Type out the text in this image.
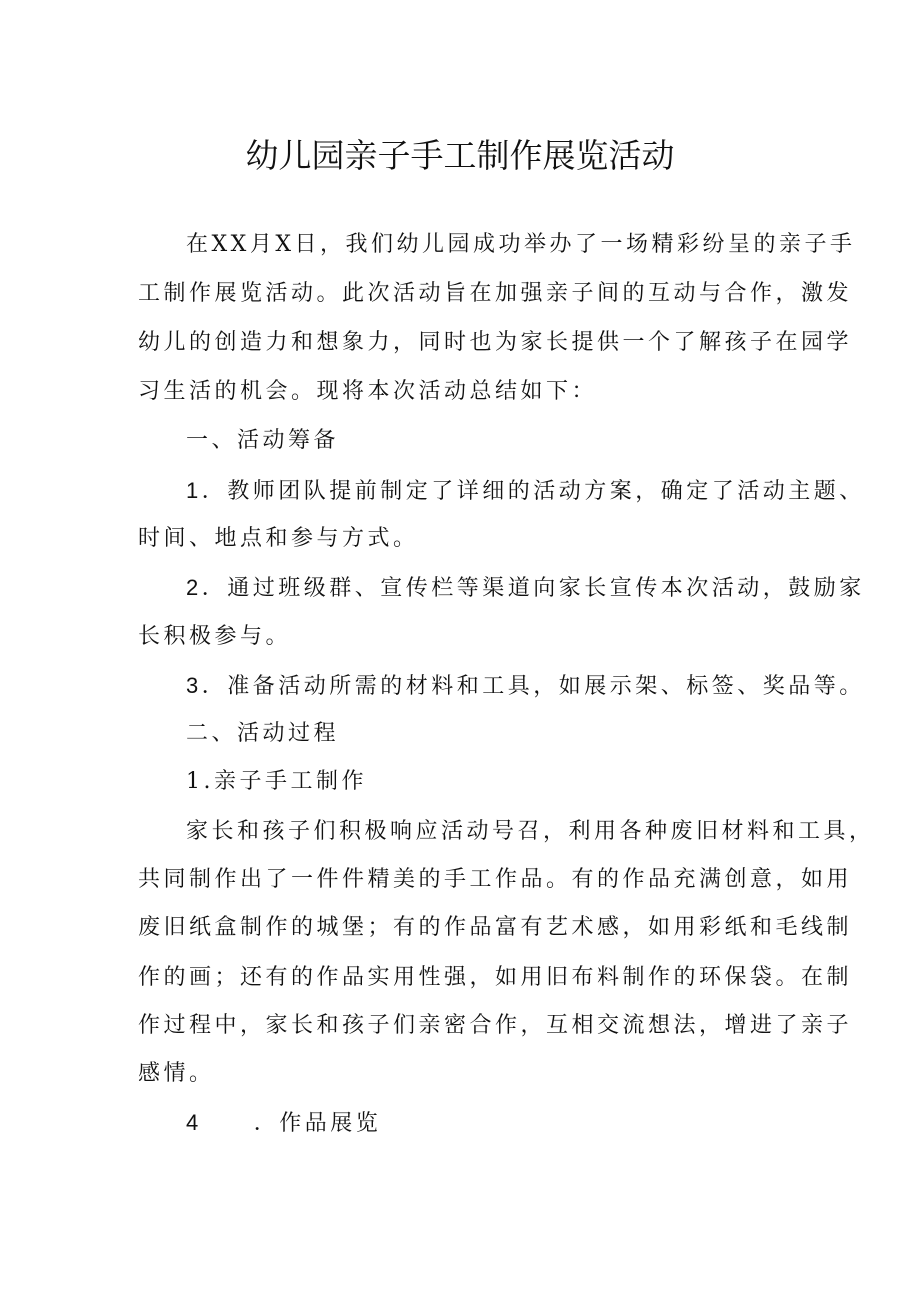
幼儿园亲子手工制作展览活动
在XX月X日，我们幼儿园成功举办了一场精彩纷呈的亲子手
工制作展览活动。此次活动旨在加强亲子间的互动与合作，激发
幼儿的创造力和想象力，同时也为家长提供一个了解孩子在园学
习生活的机会。现将本次活动总结如下：
一、活动筹备
1．教师团队提前制定了详细的活动方案，确定了活动主题、
时间、地点和参与方式。
2．通过班级群、宣传栏等渠道向家长宣传本次活动，鼓励家
长积极参与。
3．准备活动所需的材料和工具，如展示架、标签、奖品等。
二、活动过程
1.亲子手工制作
家长和孩子们积极响应活动号召，利用各种废旧材料和工具，
共同制作出了一件件精美的手工作品。有的作品充满创意，如用
废旧纸盒制作的城堡；有的作品富有艺术感，如用彩纸和毛线制
作的画；还有的作品实用性强，如用旧布料制作的环保袋。在制
作过程中，家长和孩子们亲密合作，互相交流想法，增进了亲子
感情。
4 ．作品展览
